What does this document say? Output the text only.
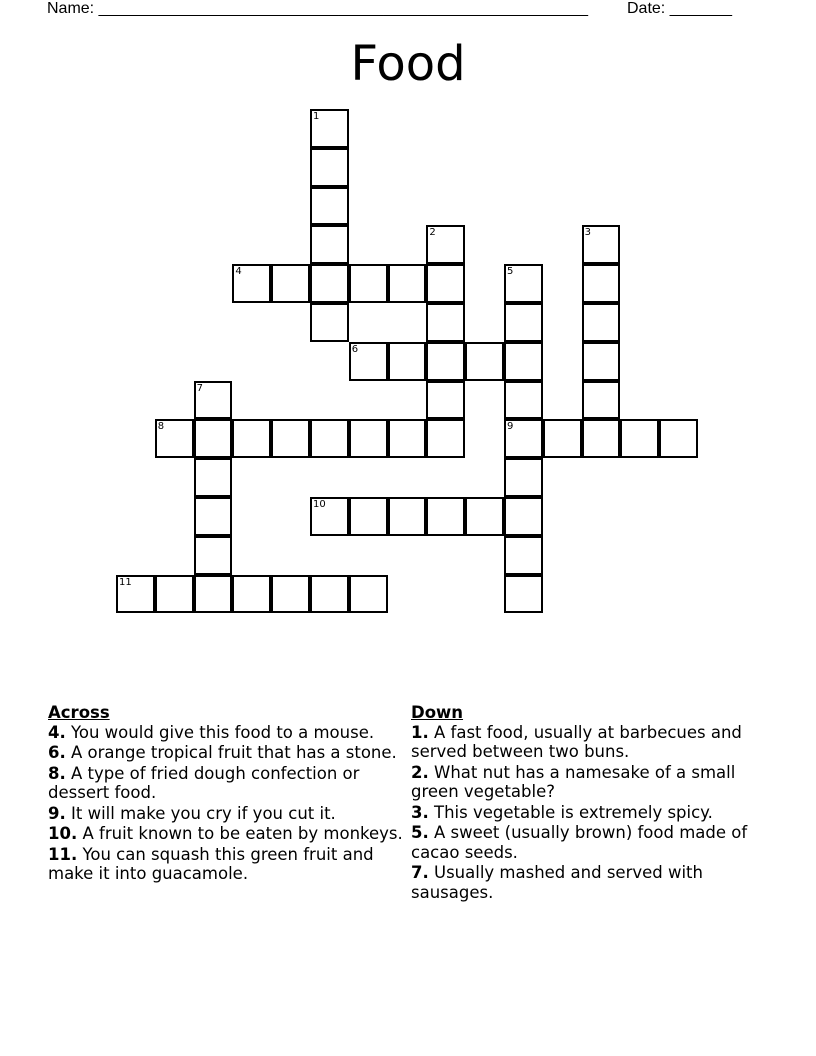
Name: _______________________________________________________ Date: _______
Food
1
2	3
4	5
9
6
7
8
10
11
Across
4. You would give this food to a mouse.
6. A orange tropical fruit that has a stone.
8. A type of fried dough confection or dessert food.
9. It will make you cry if you cut it.
10. A fruit known to be eaten by monkeys.
11. You can squash this green fruit and make it into guacamole.
Down
1. A fast food, usually at barbecues and served between two buns.
2. What nut has a namesake of a small green vegetable?
3. This vegetable is extremely spicy.
5. A sweet (usually brown) food made of cacao seeds.
7. Usually mashed and served with sausages.
